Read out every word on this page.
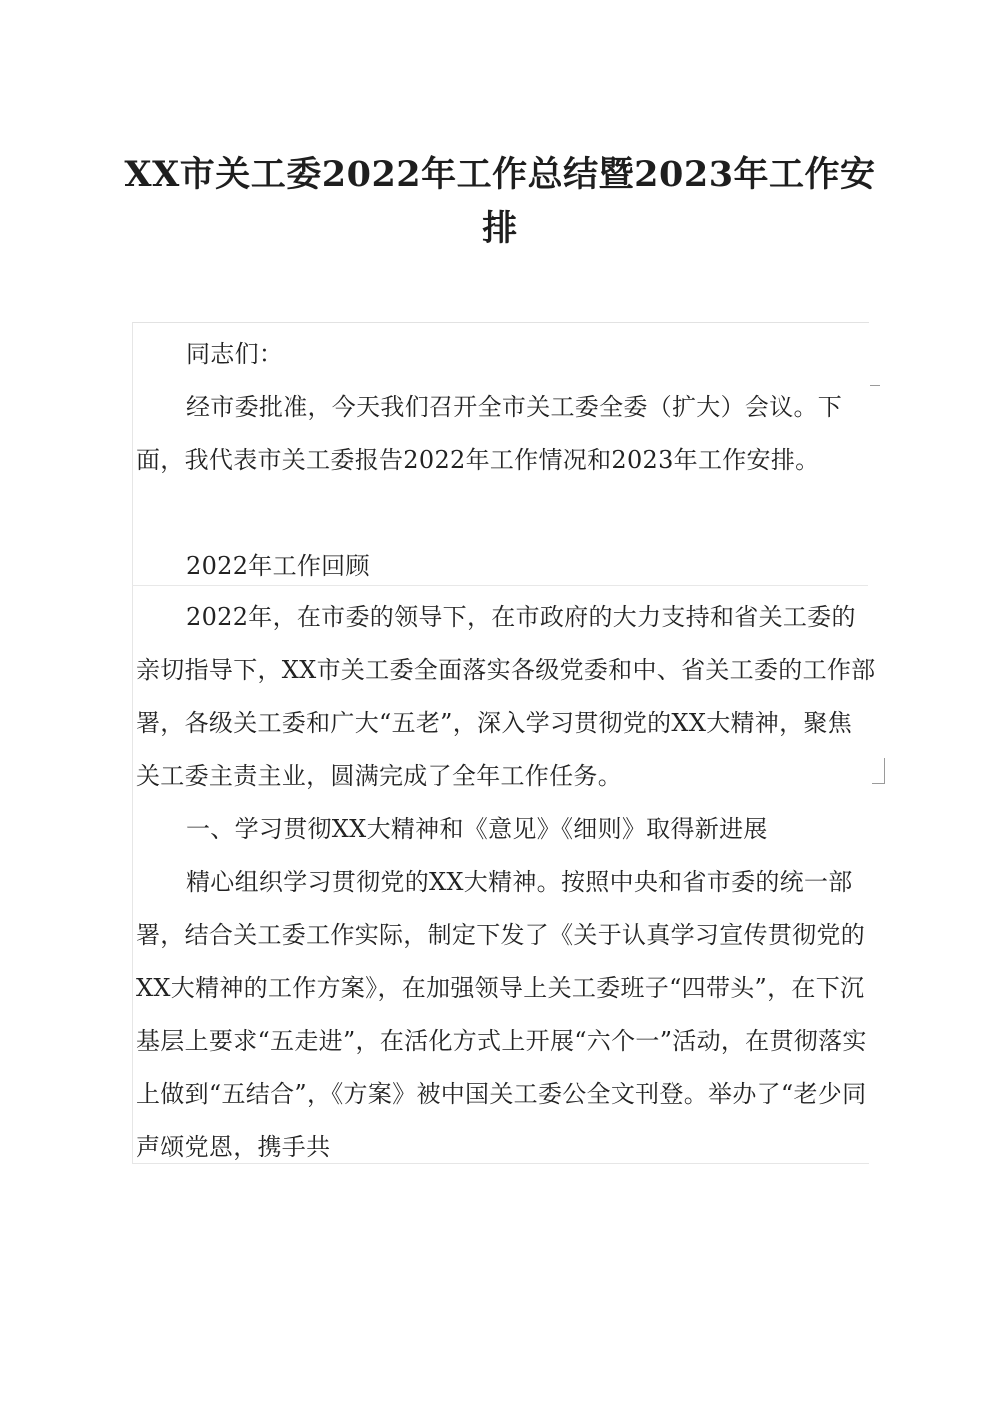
XX市关工委2022年工作总结暨2023年工作安排

同志们：

经市委批准，今天我们召开全市关工委全委（扩大）会议。下面，我代表市关工委报告2022年工作情况和2023年工作安排。

2022年工作回顾

2022年，在市委的领导下，在市政府的大力支持和省关工委的亲切指导下，XX市关工委全面落实各级党委和中、省关工委的工作部署，各级关工委和广大“五老”，深入学习贯彻党的XX大精神，聚焦关工委主责主业，圆满完成了全年工作任务。

一、学习贯彻XX大精神和《意见》《细则》取得新进展

精心组织学习贯彻党的XX大精神。按照中央和省市委的统一部署，结合关工委工作实际，制定下发了《关于认真学习宣传贯彻党的XX大精神的工作方案》，在加强领导上关工委班子“四带头”，在下沉基层上要求“五走进”，在活化方式上开展“六个一”活动，在贯彻落实上做到“五结合”，《方案》被中国关工委公全文刊登。举办了“老少同声颂党恩，携手共
